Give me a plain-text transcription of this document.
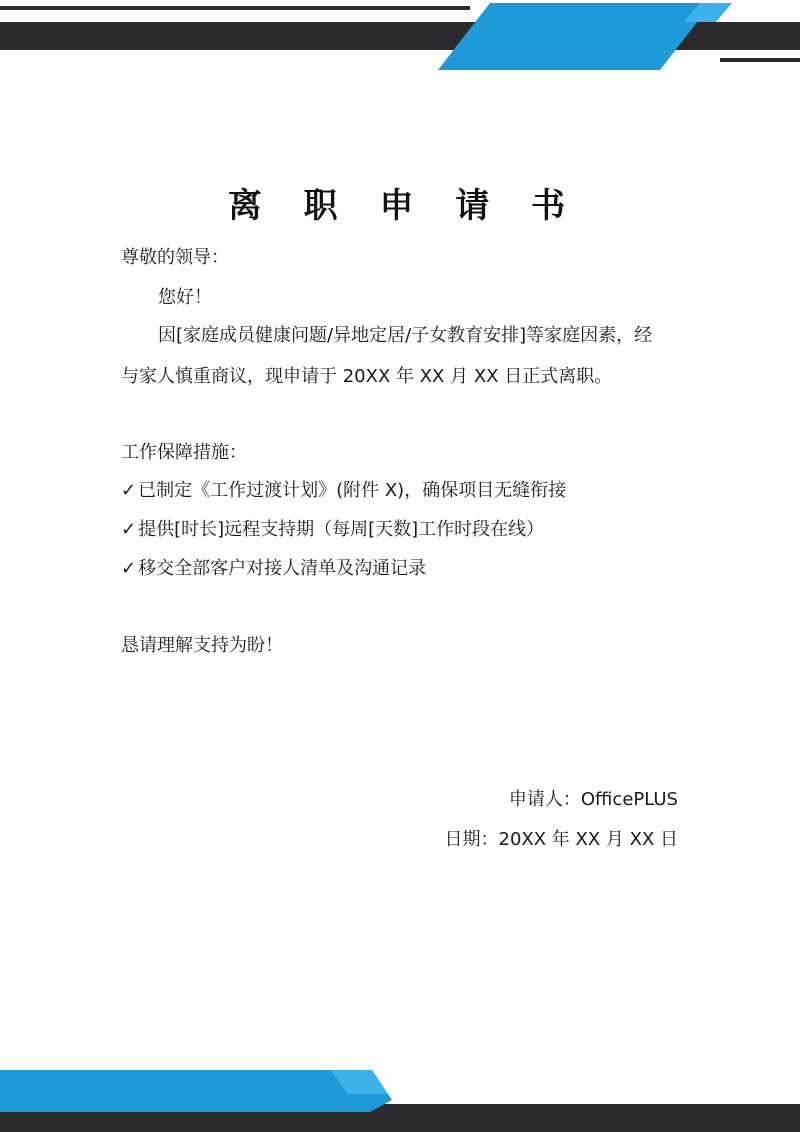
离 职 申 请 书

尊敬的领导：

您好！

因[家庭成员健康问题/异地定居/子女教育安排]等家庭因素，经

与家人慎重商议，现申请于 20XX 年 XX 月 XX 日正式离职。

工作保障措施：

✓ 已制定《工作过渡计划》(附件 X)，确保项目无缝衔接

✓ 提供[时长]远程支持期（每周[天数]工作时段在线）

✓ 移交全部客户对接人清单及沟通记录

恳请理解支持为盼！

申请人：OfficePLUS

日期：20XX 年 XX 月 XX 日
